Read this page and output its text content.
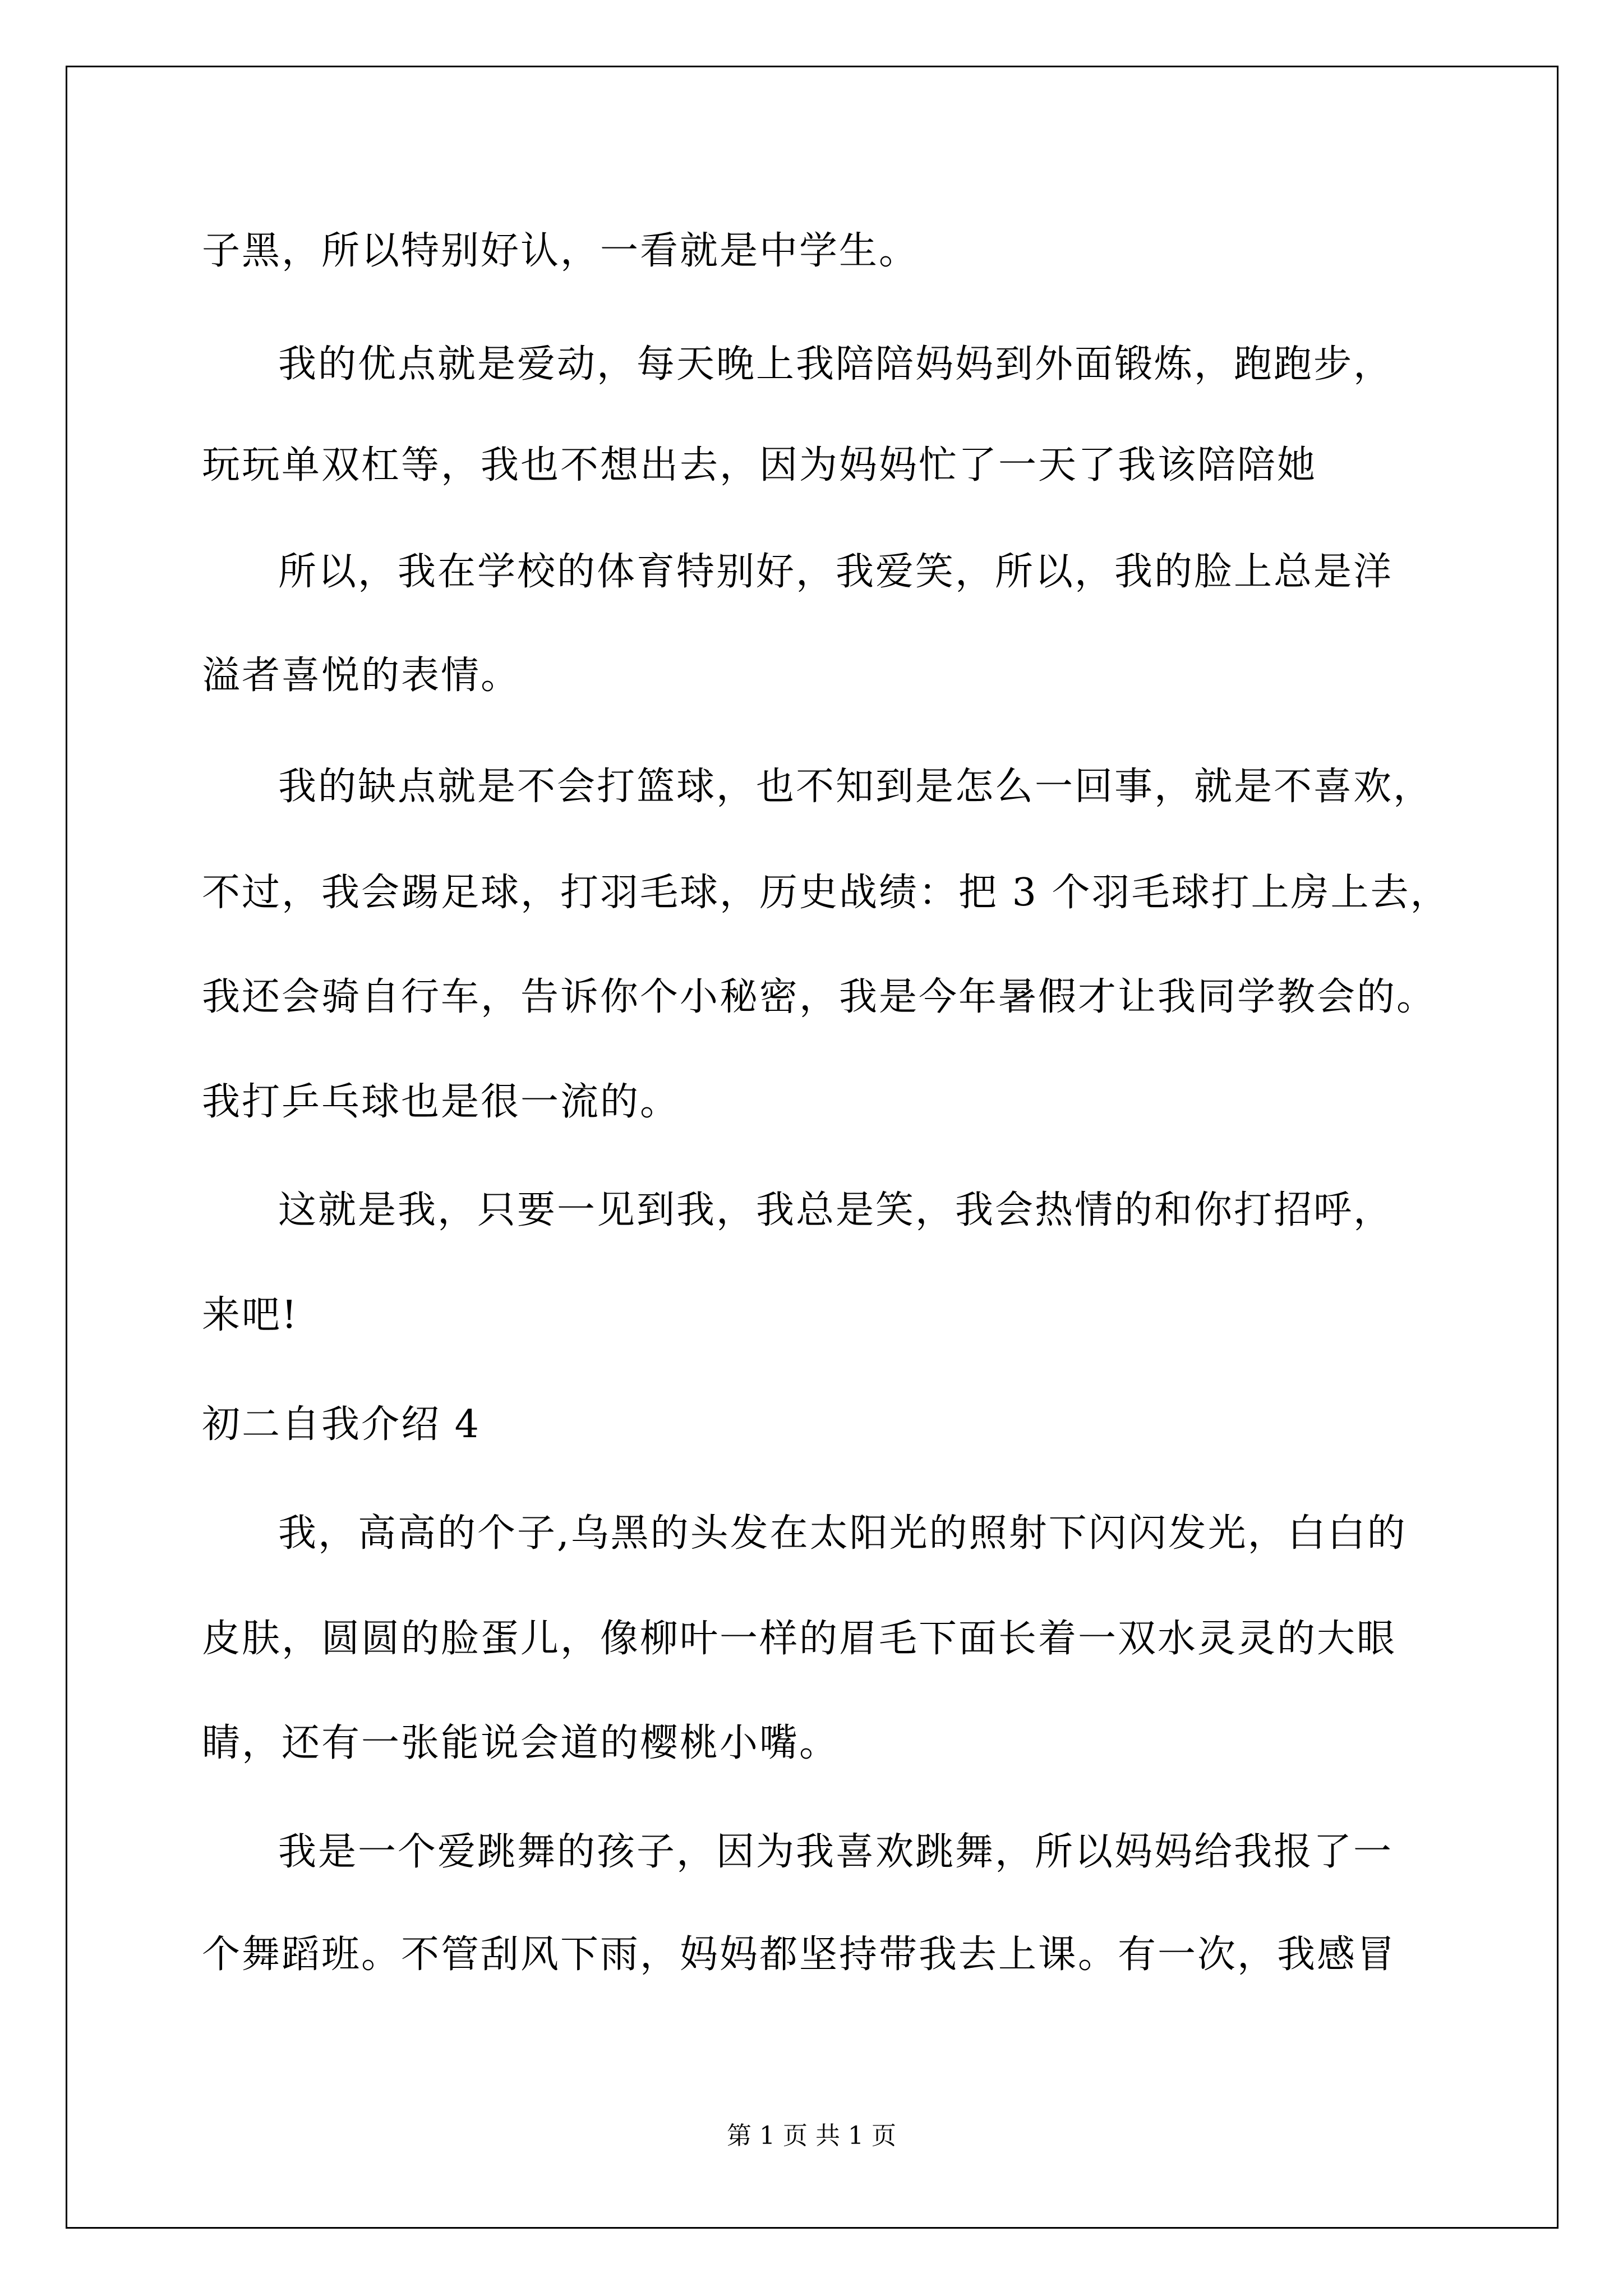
子黑，所以特别好认，一看就是中学生。
我的优点就是爱动，每天晚上我陪陪妈妈到外面锻炼，跑跑步，
玩玩单双杠等，我也不想出去，因为妈妈忙了一天了我该陪陪她
所以，我在学校的体育特别好，我爱笑，所以，我的脸上总是洋
溢者喜悦的表情。
我的缺点就是不会打篮球，也不知到是怎么一回事，就是不喜欢，
不过，我会踢足球，打羽毛球，历史战绩：把 3 个羽毛球打上房上去，
我还会骑自行车，告诉你个小秘密，我是今年暑假才让我同学教会的。
我打乒乓球也是很一流的。
这就是我，只要一见到我，我总是笑，我会热情的和你打招呼，
来吧!
初二自我介绍 4
我，高高的个子,乌黑的头发在太阳光的照射下闪闪发光，白白的
皮肤，圆圆的脸蛋儿，像柳叶一样的眉毛下面长着一双水灵灵的大眼
睛，还有一张能说会道的樱桃小嘴。
我是一个爱跳舞的孩子，因为我喜欢跳舞，所以妈妈给我报了一
个舞蹈班。不管刮风下雨，妈妈都坚持带我去上课。有一次，我感冒
第 1 页 共 1 页
